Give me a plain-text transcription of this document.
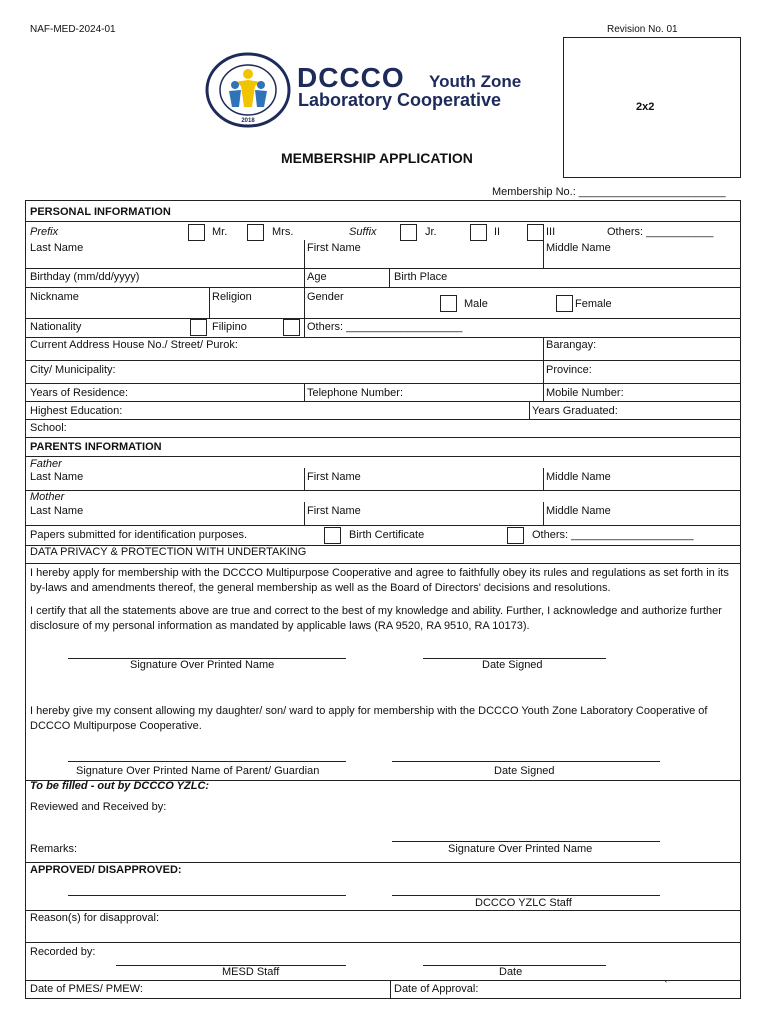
NAF-MED-2024-01	Revision No. 01
2018
DCCCO Youth Zone
Laboratory Cooperative	2x2
MEMBERSHIP APPLICATION
Membership No.: ________________________
PERSONAL INFORMATION
Prefix	Mr.	Mrs.	Suffix	Jr.	II	III	Others: ___________
Last Name	First Name	Middle Name
Birthday (mm/dd/yyyy)	Age	Birth Place
Nickname	Religion	Gender
Male	Female
Nationality	Filipino	Others: ___________________
Current Address House No./ Street/ Purok:	Barangay:
City/ Municipality:	Province:
Years of Residence:	Telephone Number:	Mobile Number:
Highest Education:	Years Graduated:
School:
PARENTS INFORMATION
Father
Last Name	First Name	Middle Name
Mother
Last Name	First Name	Middle Name
Papers submitted for identification purposes.	Birth Certificate	Others: ____________________
DATA PRIVACY & PROTECTION WITH UNDERTAKING
I hereby apply for membership with the DCCCO Multipurpose Cooperative and agree to faithfully obey its rules and regulations as set forth in its by-laws and amendments thereof, the general membership as well as the Board of Directors' decisions and resolutions.
I certify that all the statements above are true and correct to the best of my knowledge and ability. Further, I acknowledge and authorize further disclosure of my personal information as mandated by applicable laws (RA 9520, RA 9510, RA 10173).
Signature Over Printed Name	Date Signed
I hereby give my consent allowing my daughter/ son/ ward to apply for membership with the DCCCO Youth Zone Laboratory Cooperative of DCCCO Multipurpose Cooperative.
Signature Over Printed Name of Parent/ Guardian	Date Signed
To be filled - out by DCCCO YZLC:
Reviewed and Received by:
Remarks:	Signature Over Printed Name
APPROVED/ DISAPPROVED:
DCCCO YZLC Staff
Reason(s) for disapproval:
Recorded by:
MESD Staff	Date
Date of PMES/ PMEW:	Date of Approval:	`
